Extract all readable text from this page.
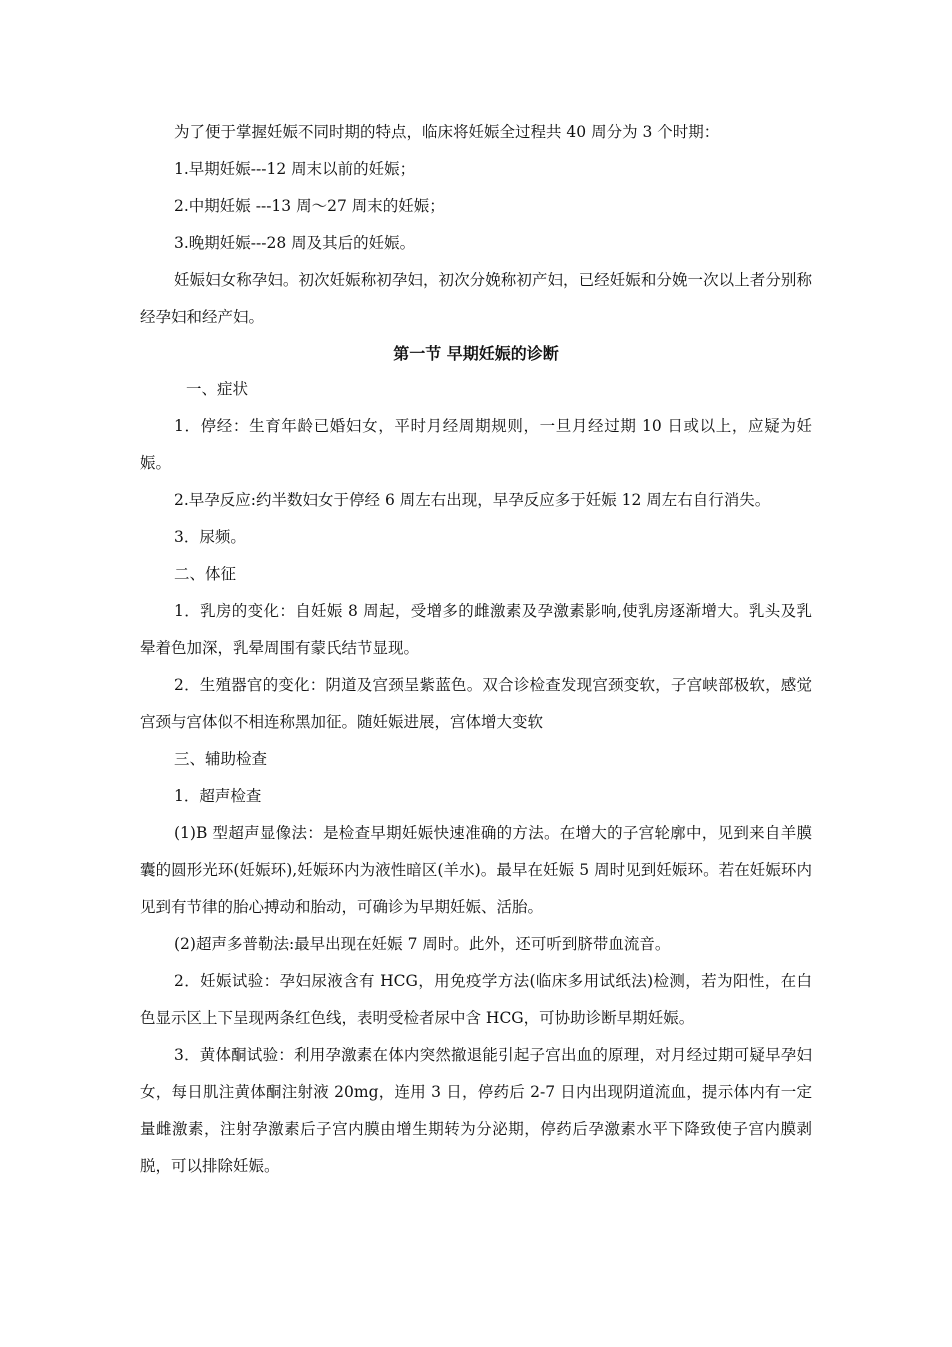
为了便于掌握妊娠不同时期的特点，临床将妊娠全过程共 40 周分为 3 个时期：

1.早期妊娠---12 周末以前的妊娠；

2.中期妊娠 ---13 周～27 周末的妊娠；

3.晚期妊娠---28 周及其后的妊娠。

妊娠妇女称孕妇。初次妊娠称初孕妇，初次分娩称初产妇，已经妊娠和分娩一次以上者分别称经孕妇和经产妇。

第一节 早期妊娠的诊断

一、症状

1．停经：生育年龄已婚妇女，平时月经周期规则，一旦月经过期 10 日或以上，应疑为妊娠。

2.早孕反应:约半数妇女于停经 6 周左右出现，早孕反应多于妊娠 12 周左右自行消失。

3．尿频。

二、体征

1．乳房的变化：自妊娠 8 周起，受增多的雌激素及孕激素影响,使乳房逐渐增大。乳头及乳晕着色加深，乳晕周围有蒙氏结节显现。

2．生殖器官的变化：阴道及宫颈呈紫蓝色。双合诊检查发现宫颈变软，子宫峡部极软，感觉宫颈与宫体似不相连称黑加征。随妊娠进展，宫体增大变软

三、辅助检查

1．超声检查

(1)B 型超声显像法：是检查早期妊娠快速准确的方法。在增大的子宫轮廓中，见到来自羊膜囊的圆形光环(妊娠环),妊娠环内为液性暗区(羊水)。最早在妊娠 5 周时见到妊娠环。若在妊娠环内见到有节律的胎心搏动和胎动，可确诊为早期妊娠、活胎。

(2)超声多普勒法:最早出现在妊娠 7 周时。此外，还可听到脐带血流音。

2．妊娠试验：孕妇尿液含有 HCG，用免疫学方法(临床多用试纸法)检测，若为阳性，在白色显示区上下呈现两条红色线，表明受检者尿中含 HCG，可协助诊断早期妊娠。

3．黄体酮试验：利用孕激素在体内突然撤退能引起子宫出血的原理，对月经过期可疑早孕妇女，每日肌注黄体酮注射液 20mg，连用 3 日，停药后 2-7 日内出现阴道流血，提示体内有一定量雌激素，注射孕激素后子宫内膜由增生期转为分泌期，停药后孕激素水平下降致使子宫内膜剥脱，可以排除妊娠。
